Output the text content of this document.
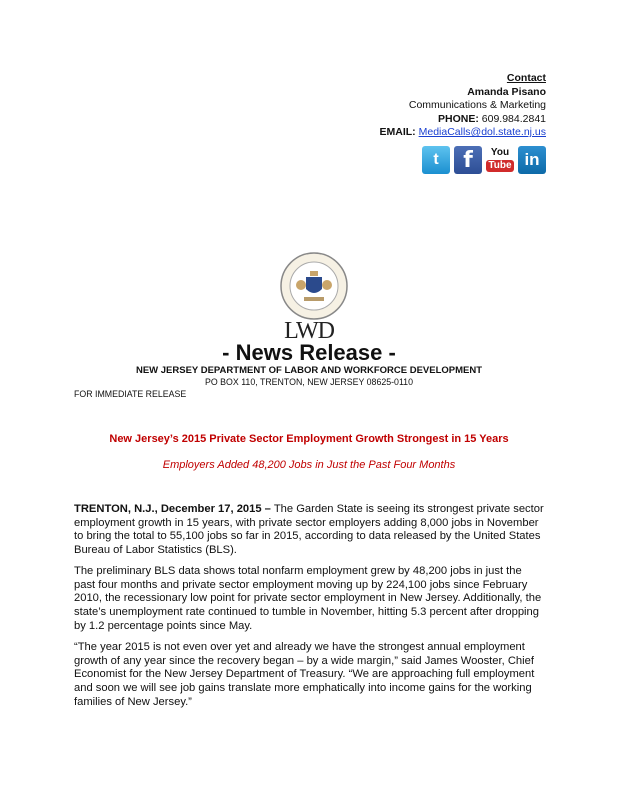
Contact
Amanda Pisano
Communications & Marketing
PHONE: 609.984.2841
EMAIL: MediaCalls@dol.state.nj.us
t f You
Tube in
LWD
- News Release -
NEW JERSEY DEPARTMENT OF LABOR AND WORKFORCE DEVELOPMENT
PO BOX 110, TRENTON, NEW JERSEY 08625-0110
FOR IMMEDIATE RELEASE
New Jersey’s 2015 Private Sector Employment Growth Strongest in 15 Years
Employers Added 48,200 Jobs in Just the Past Four Months
TRENTON, N.J., December 17, 2015 – The Garden State is seeing its strongest private sector employment growth in 15 years, with private sector employers adding 8,000 jobs in November to bring the total to 55,100 jobs so far in 2015, according to data released by the United States Bureau of Labor Statistics (BLS).
The preliminary BLS data shows total nonfarm employment grew by 48,200 jobs in just the past four months and private sector employment moving up by 224,100 jobs since February 2010, the recessionary low point for private sector employment in New Jersey. Additionally, the state’s unemployment rate continued to tumble in November, hitting 5.3 percent after dropping by 1.2 percentage points since May.
“The year 2015 is not even over yet and already we have the strongest annual employment growth of any year since the recovery began – by a wide margin,” said James Wooster, Chief Economist for the New Jersey Department of Treasury. “We are approaching full employment and soon we will see job gains translate more emphatically into income gains for the working families of New Jersey.”
